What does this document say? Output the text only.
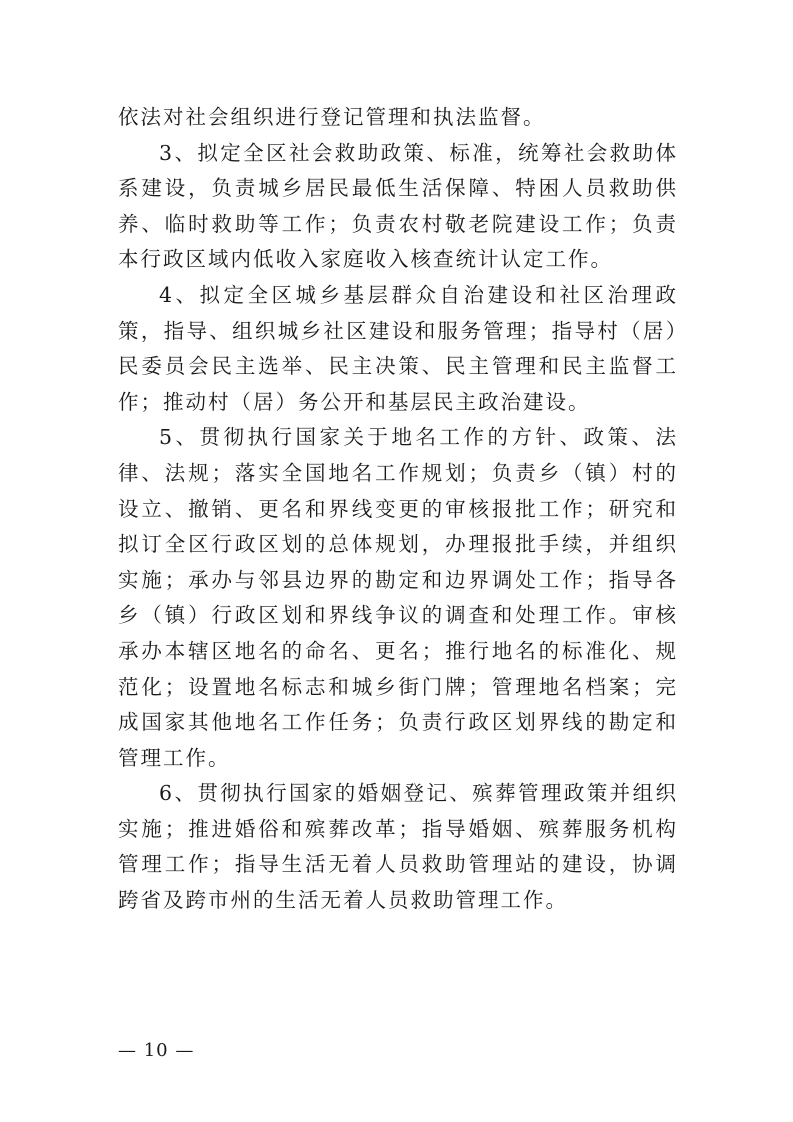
依法对社会组织进行登记管理和执法监督。

3、拟定全区社会救助政策、标准，统筹社会救助体系建设，负责城乡居民最低生活保障、特困人员救助供养、临时救助等工作；负责农村敬老院建设工作；负责本行政区域内低收入家庭收入核查统计认定工作。

4、拟定全区城乡基层群众自治建设和社区治理政策，指导、组织城乡社区建设和服务管理；指导村（居）民委员会民主选举、民主决策、民主管理和民主监督工作；推动村（居）务公开和基层民主政治建设。

5、贯彻执行国家关于地名工作的方针、政策、法律、法规；落实全国地名工作规划；负责乡（镇）村的设立、撤销、更名和界线变更的审核报批工作；研究和拟订全区行政区划的总体规划，办理报批手续，并组织实施；承办与邻县边界的勘定和边界调处工作；指导各乡（镇）行政区划和界线争议的调查和处理工作。审核承办本辖区地名的命名、更名；推行地名的标准化、规范化；设置地名标志和城乡街门牌；管理地名档案；完成国家其他地名工作任务；负责行政区划界线的勘定和管理工作。

6、贯彻执行国家的婚姻登记、殡葬管理政策并组织实施；推进婚俗和殡葬改革；指导婚姻、殡葬服务机构管理工作；指导生活无着人员救助管理站的建设，协调跨省及跨市州的生活无着人员救助管理工作。

— 10 —
